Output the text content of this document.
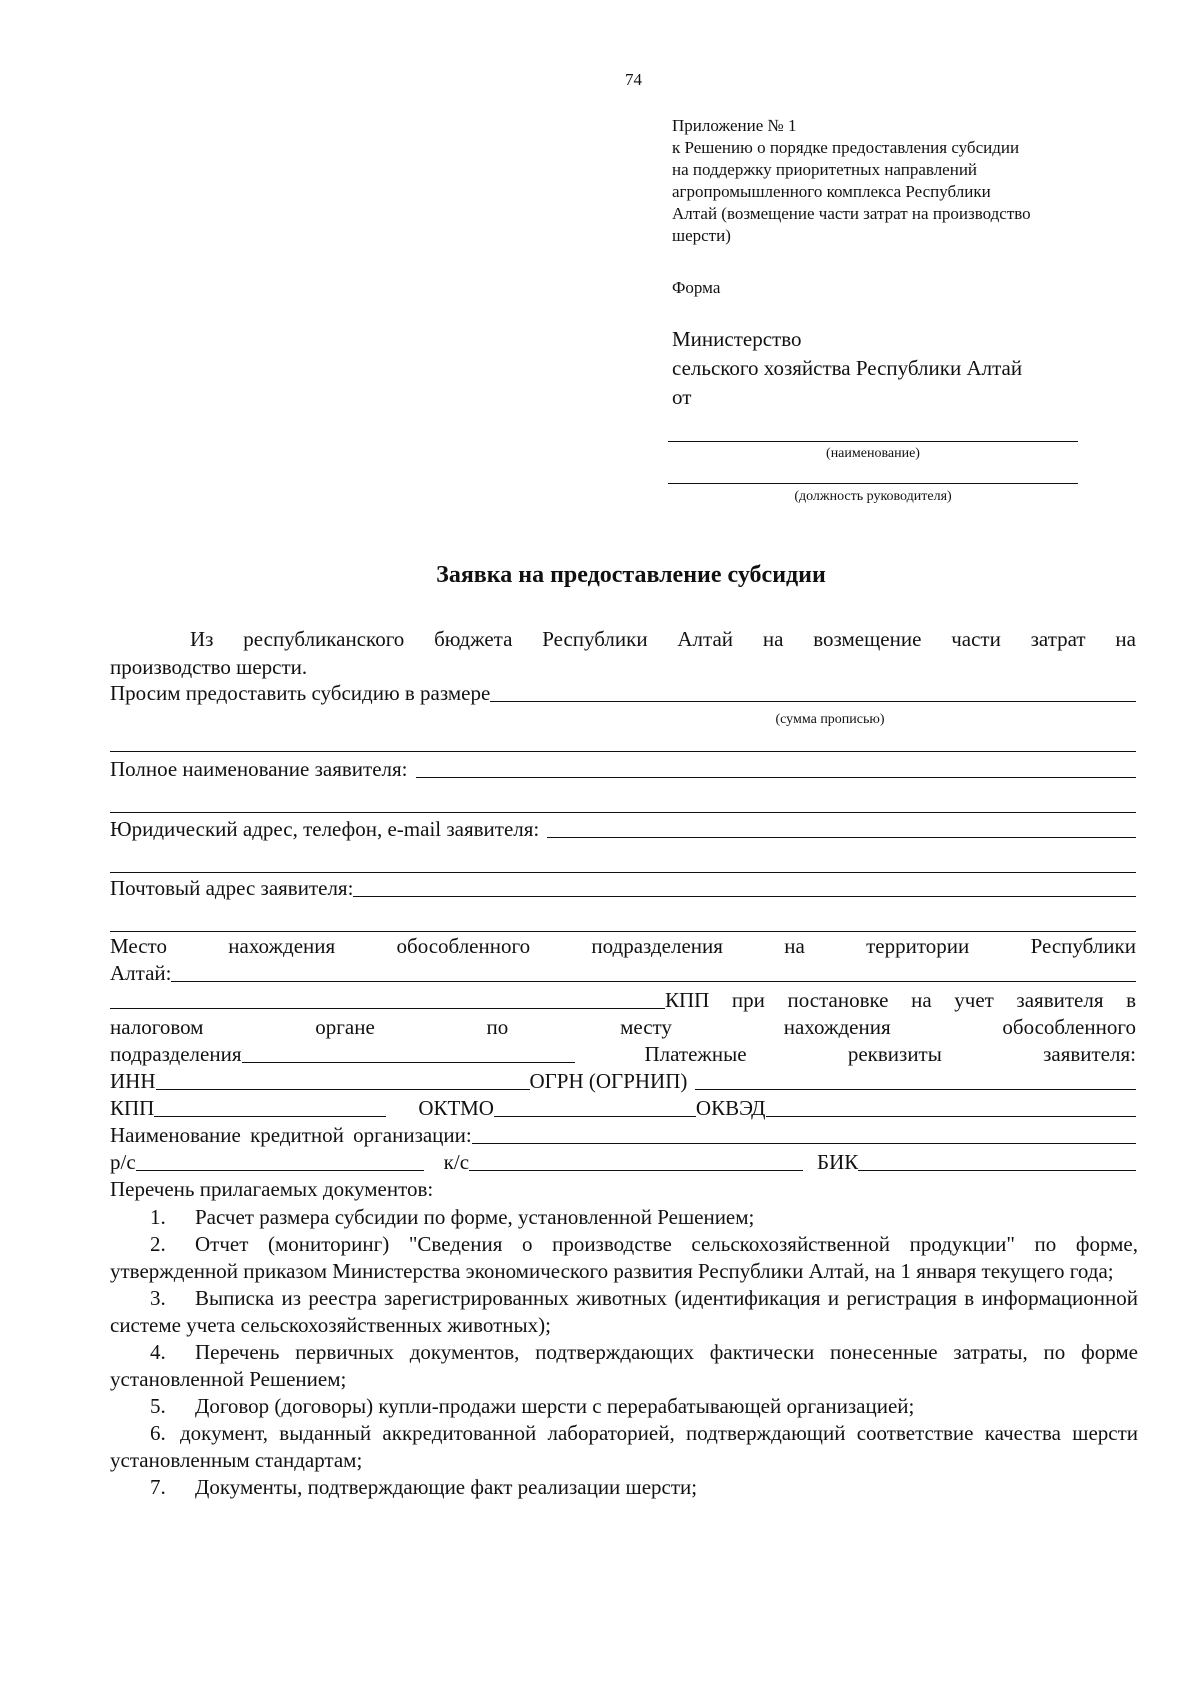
74
Приложение № 1
к Решению о порядке предоставления субсидии
на поддержку приоритетных направлений
агропромышленного комплекса Республики
Алтай (возмещение части затрат на производство
шерсти)
Форма
Министерство
сельского хозяйства Республики Алтай
от
(наименование)
(должность руководителя)
Заявка на предоставление субсидии
Из республиканского бюджета Республики Алтай на возмещение части затрат на
производство шерсти.
Просим предоставить субсидию в размере
(сумма прописью)
Полное наименование заявителя:
Юридический адрес, телефон, e-mail заявителя:
Почтовый адрес заявителя:
Место	нахождения	обособленного	подразделения	на	территории	Республики
Алтай:
КПП при постановке на учет заявителя в
налоговом	органе	по	месту	нахождения	обособленного
подразделения	Платежные	реквизиты	заявителя:
ИНН	ОГРН (ОГРНИП)
КПП	ОКТМО	ОКВЭД
Наименование кредитной организации:
р/с	к/с	БИК
Перечень прилагаемых документов:
1. Расчет размера субсидии по форме, установленной Решением;
2. Отчет (мониторинг) "Сведения о производстве сельскохозяйственной продукции" по форме, утвержденной приказом Министерства экономического развития Республики Алтай, на 1 января текущего года;
3. Выписка из реестра зарегистрированных животных (идентификация и регистрация в информационной системе учета сельскохозяйственных животных);
4. Перечень первичных документов, подтверждающих фактически понесенные затраты, по форме установленной Решением;
5. Договор (договоры) купли-продажи шерсти с перерабатывающей организацией;
6. документ, выданный аккредитованной лабораторией, подтверждающий соответствие качества шерсти установленным стандартам;
7. Документы, подтверждающие факт реализации шерсти;
